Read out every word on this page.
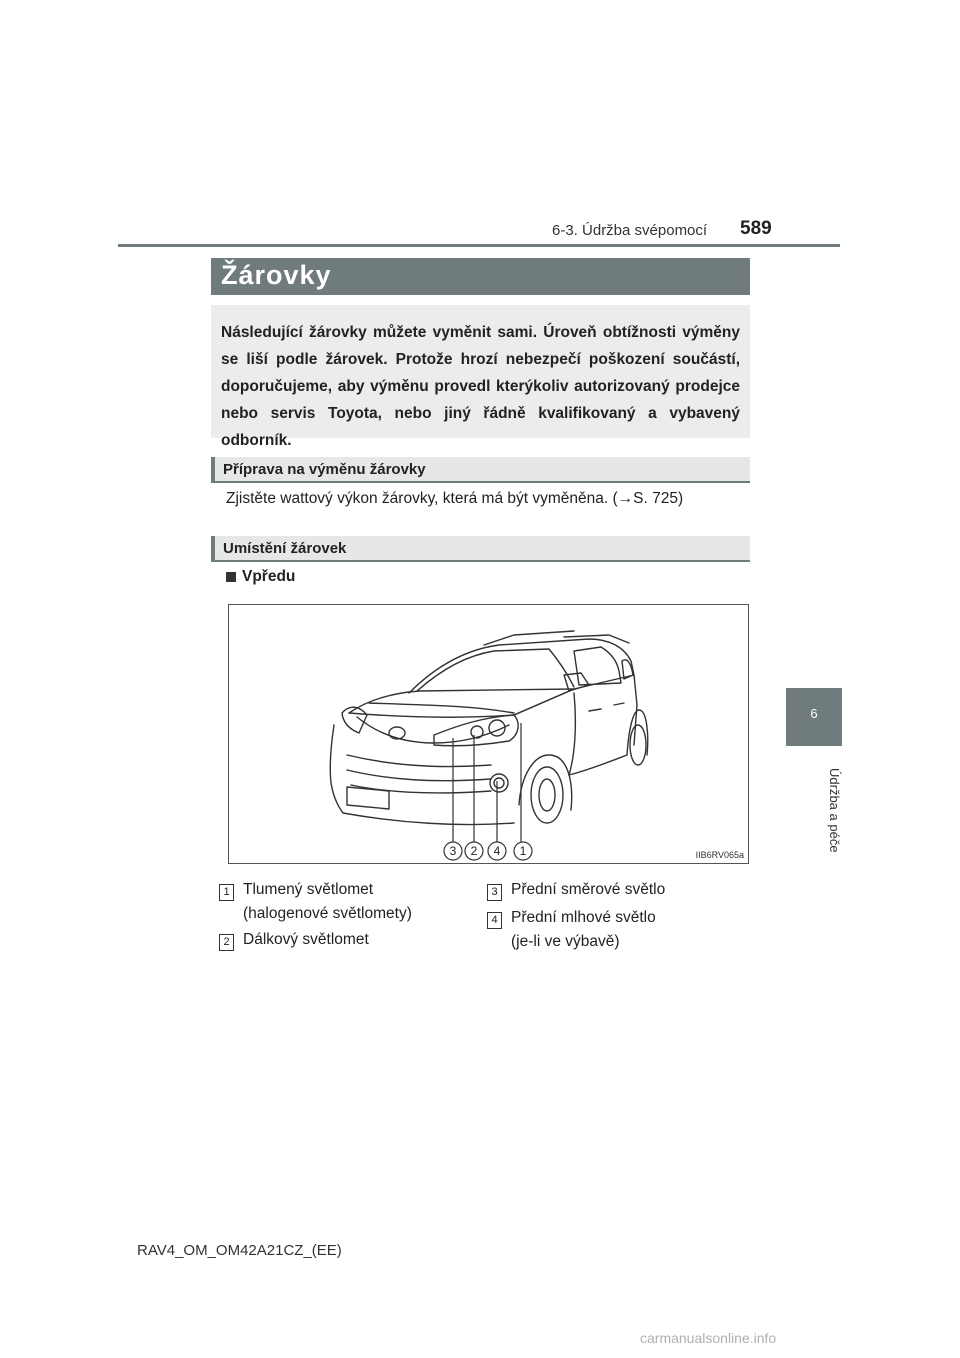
6-3. Údržba svépomocí 589
6
Údržba a péče
Žárovky
Následující žárovky můžete vyměnit sami. Úroveň obtížnosti výměny se liší podle žárovek. Protože hrozí nebezpečí poškození součástí, doporučujeme, aby výměnu provedl kterýkoliv autorizovaný prodejce nebo servis Toyota, nebo jiný řádně kvalifikovaný a vybavený odborník.
Příprava na výměnu žárovky
Zjistěte wattový výkon žárovky, která má být vyměněna. (→S. 725)
Umístění žárovek
Vpředu
3 2 4 1	IIB6RV065a
1 Tlumený světlomet
(halogenové světlomety)
2 Dálkový světlomet
3 Přední směrové světlo
4 Přední mlhové světlo
(je-li ve výbavě)
RAV4_OM_OM42A21CZ_(EE)
carmanualsonline.info
